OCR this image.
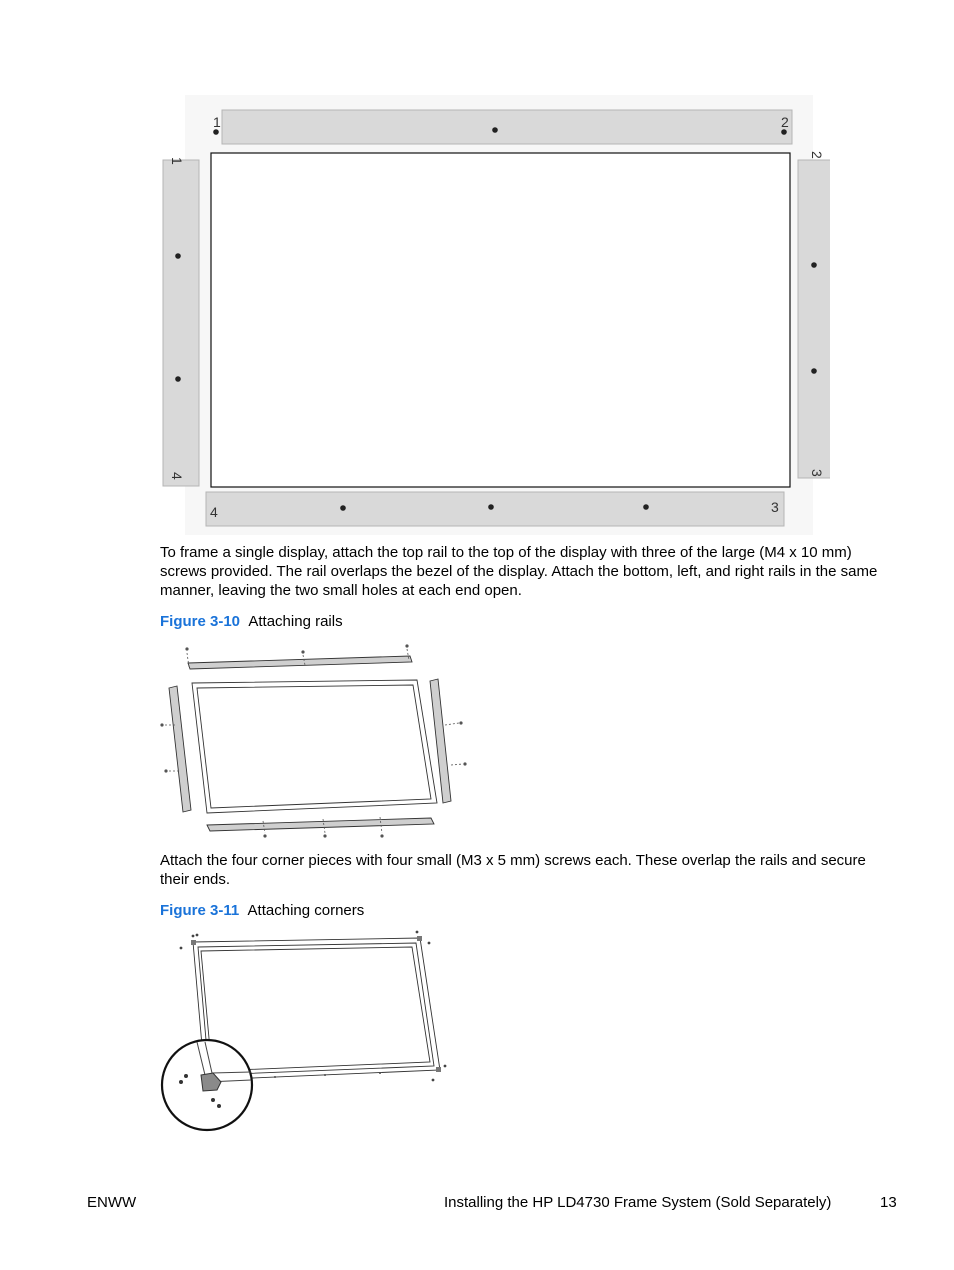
1	2
1
4
2
3
4	3
To frame a single display, attach the top rail to the top of the display with three of the large (M4 x 10 mm) screws provided. The rail overlaps the bezel of the display. Attach the bottom, left, and right rails in the same manner, leaving the two small holes at each end open.
Figure 3-10 Attaching rails
Attach the four corner pieces with four small (M3 x 5 mm) screws each. These overlap the rails and secure their ends.
Figure 3-11 Attaching corners
ENWW	Installing the HP LD4730 Frame System (Sold Separately)	13
